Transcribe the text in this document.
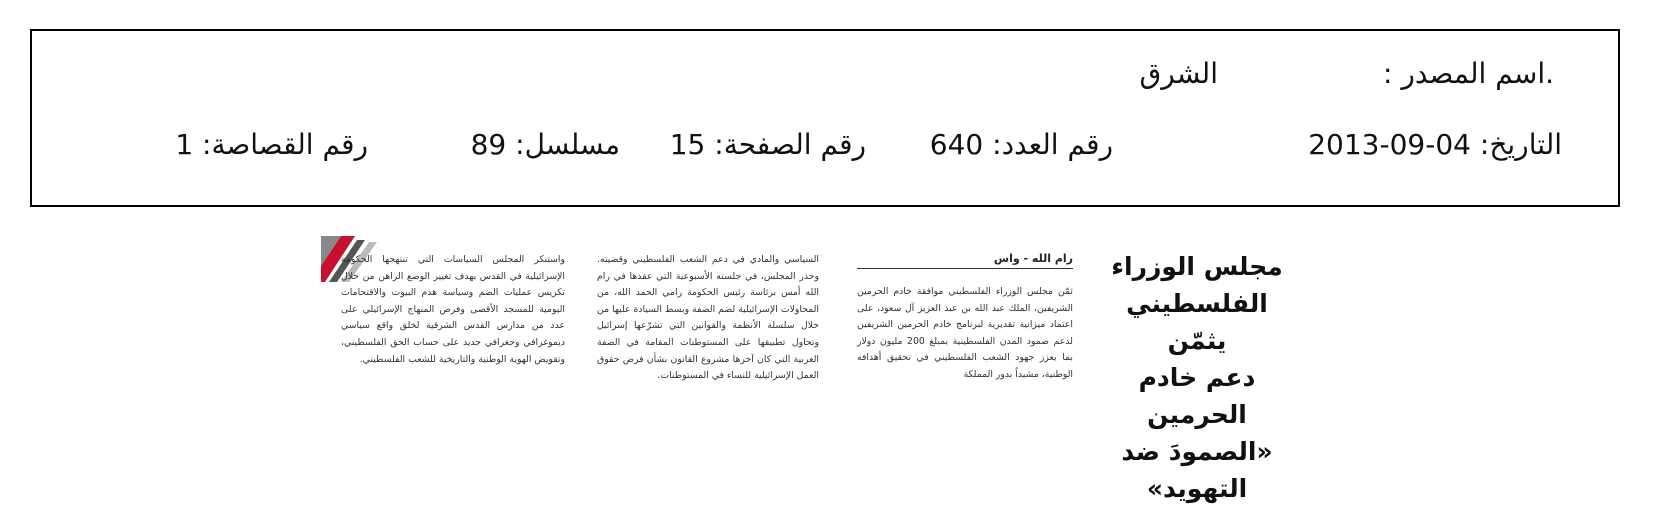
.اسم المصدر :
الشرق
التاريخ: 04-09-2013
رقم العدد: 640
رقم الصفحة: 15
مسلسل: 89
رقم القصاصة: 1
مجلس الوزراء
الفلسطيني يثمّن
دعم خادم الحرمين
«الصمودَ ضد التهويد»
رام الله - واس
ثمّن مجلس الوزراء الفلسطيني موافقة خادم الحرمين الشريفين، الملك عبد الله بن عبد العزيز آل سعود، على اعتماد ميزانية تقديرية لبرنامج خادم الحرمين الشريفين لدعم صمود المدن الفلسطينية بمبلغ 200 مليون دولار بما يعزز جهود الشعب الفلسطيني في تحقيق أهدافه الوطنية، مشيداً بدور المملكة
السياسي والمادي في دعم الشعب الفلسطيني وقضيته. وحذر المجلس، في جلسته الأسبوعية التي عقدها في رام الله أمس برئاسة رئيس الحكومة رامي الحمد الله، من المحاولات الإسرائيلية لضم الضفة وبسط السيادة عليها من خلال سلسلة الأنظمة والقوانين التي تشرّعها إسرائيل وتحاول تطبيقها على المستوطنات المقامة في الضفة الغربية التي كان آخرها مشروع القانون بشأن فرض حقوق العمل الإسرائيلية للنساء في المستوطنات.
واستنكر المجلس السياسات التي تنتهجها الحكومة الإسرائيلية في القدس بهدف تغيير الوضع الراهن من خلال تكريس عمليات الضم وسياسة هدم البيوت والاقتحامات اليومية للمسجد الأقصى وفرض المنهاج الإسرائيلي على عدد من مدارس القدس الشرقية لخلق واقع سياسي ديموغرافي وجغرافي جديد على حساب الحق الفلسطيني، وتقويض الهوية الوطنية والتاريخية للشعب الفلسطيني.
